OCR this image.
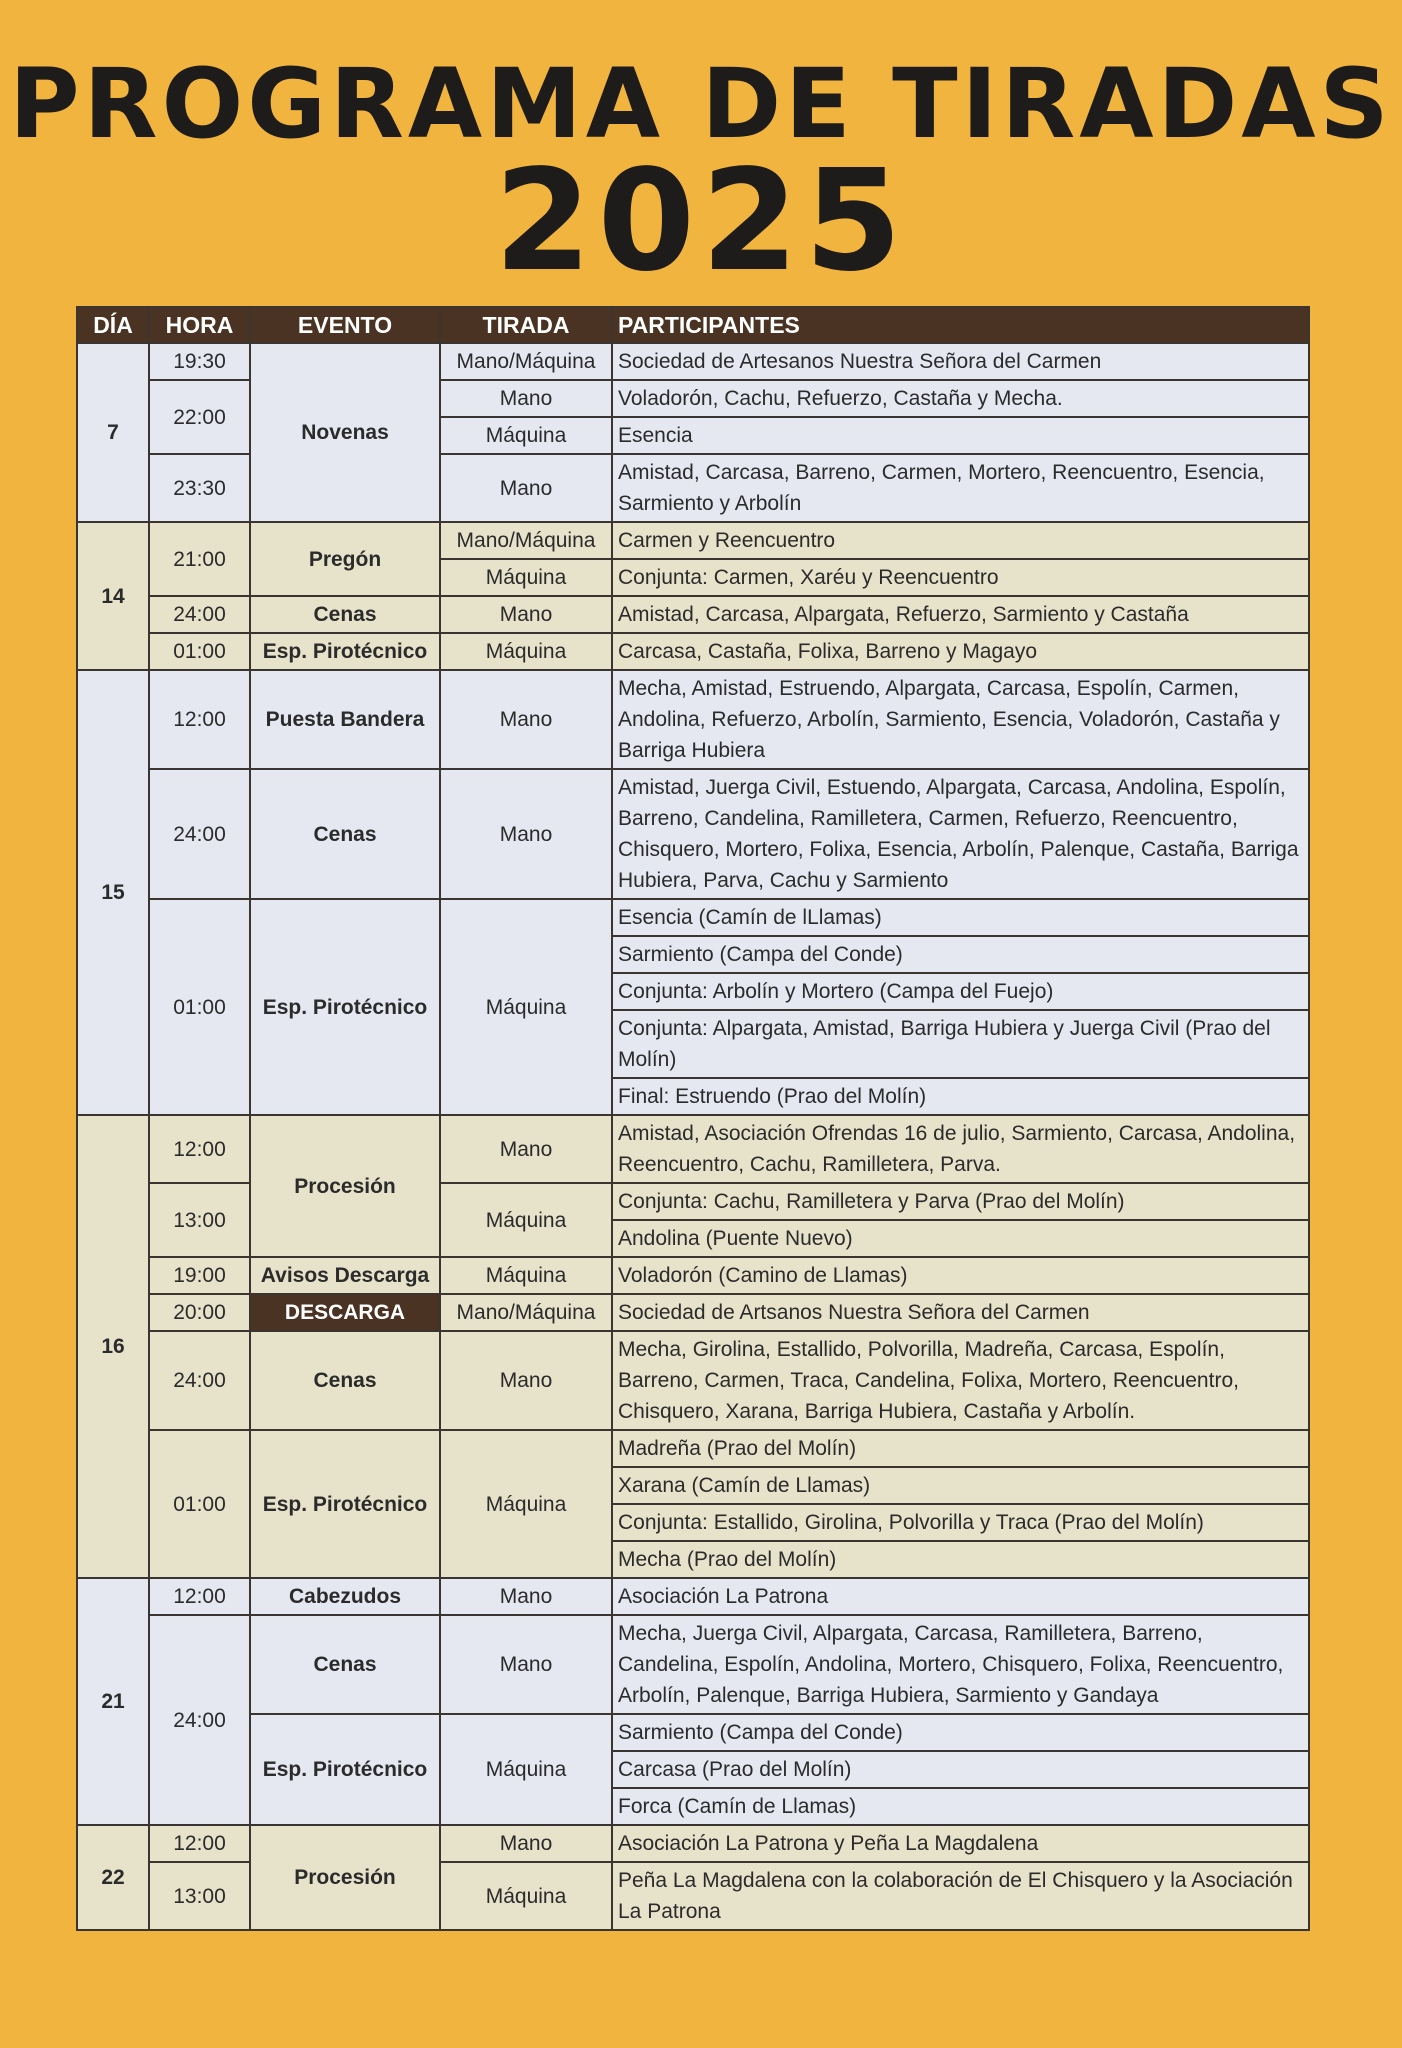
PROGRAMA DE TIRADAS
2025
DÍA	HORA	EVENTO	TIRADA	PARTICIPANTES
7	19:30	Novenas	Mano/Máquina	Sociedad de Artesanos Nuestra Señora del Carmen
	22:00		Mano	Voladorón, Cachu, Refuerzo, Castaña y Mecha.
			Máquina	Esencia
	23:30		Mano	Amistad, Carcasa, Barreno, Carmen, Mortero, Reencuentro, Esencia, Sarmiento y Arbolín
14	21:00	Pregón	Mano/Máquina	Carmen y Reencuentro
			Máquina	Conjunta: Carmen, Xaréu y Reencuentro
	24:00	Cenas	Mano	Amistad, Carcasa, Alpargata, Refuerzo, Sarmiento y Castaña
	01:00	Esp. Pirotécnico	Máquina	Carcasa, Castaña, Folixa, Barreno y Magayo
15	12:00	Puesta Bandera	Mano	Mecha, Amistad, Estruendo, Alpargata, Carcasa, Espolín, Carmen, Andolina, Refuerzo, Arbolín, Sarmiento, Esencia, Voladorón, Castaña y Barriga Hubiera
	24:00	Cenas	Mano	Amistad, Juerga Civil, Estuendo, Alpargata, Carcasa, Andolina, Espolín, Barreno, Candelina, Ramilletera, Carmen, Refuerzo, Reencuentro, Chisquero, Mortero, Folixa, Esencia, Arbolín, Palenque, Castaña, Barriga Hubiera, Parva, Cachu y Sarmiento
	01:00	Esp. Pirotécnico	Máquina	Esencia (Camín de lLlamas)
				Sarmiento (Campa del Conde)
				Conjunta: Arbolín y Mortero (Campa del Fuejo)
				Conjunta: Alpargata, Amistad, Barriga Hubiera y Juerga Civil (Prao del Molín)
				Final: Estruendo (Prao del Molín)
16	12:00	Procesión	Mano	Amistad, Asociación Ofrendas 16 de julio, Sarmiento, Carcasa, Andolina, Reencuentro, Cachu, Ramilletera, Parva.
	13:00		Máquina	Conjunta: Cachu, Ramilletera y Parva (Prao del Molín)
				Andolina (Puente Nuevo)
	19:00	Avisos Descarga	Máquina	Voladorón (Camino de Llamas)
	20:00	DESCARGA	Mano/Máquina	Sociedad de Artsanos Nuestra Señora del Carmen
	24:00	Cenas	Mano	Mecha, Girolina, Estallido, Polvorilla, Madreña, Carcasa, Espolín, Barreno, Carmen, Traca, Candelina, Folixa, Mortero, Reencuentro, Chisquero, Xarana, Barriga Hubiera, Castaña y Arbolín.
	01:00	Esp. Pirotécnico	Máquina	Madreña (Prao del Molín)
				Xarana (Camín de Llamas)
				Conjunta: Estallido, Girolina, Polvorilla y Traca (Prao del Molín)
				Mecha (Prao del Molín)
21	12:00	Cabezudos	Mano	Asociación La Patrona
	24:00	Cenas	Mano	Mecha, Juerga Civil, Alpargata, Carcasa, Ramilletera, Barreno, Candelina, Espolín, Andolina, Mortero, Chisquero, Folixa, Reencuentro, Arbolín, Palenque, Barriga Hubiera, Sarmiento y Gandaya
		Esp. Pirotécnico	Máquina	Sarmiento (Campa del Conde)
				Carcasa (Prao del Molín)
				Forca (Camín de Llamas)
22	12:00	Procesión	Mano	Asociación La Patrona y Peña La Magdalena
	13:00		Máquina	Peña La Magdalena con la colaboración de El Chisquero y la Asociación La Patrona
